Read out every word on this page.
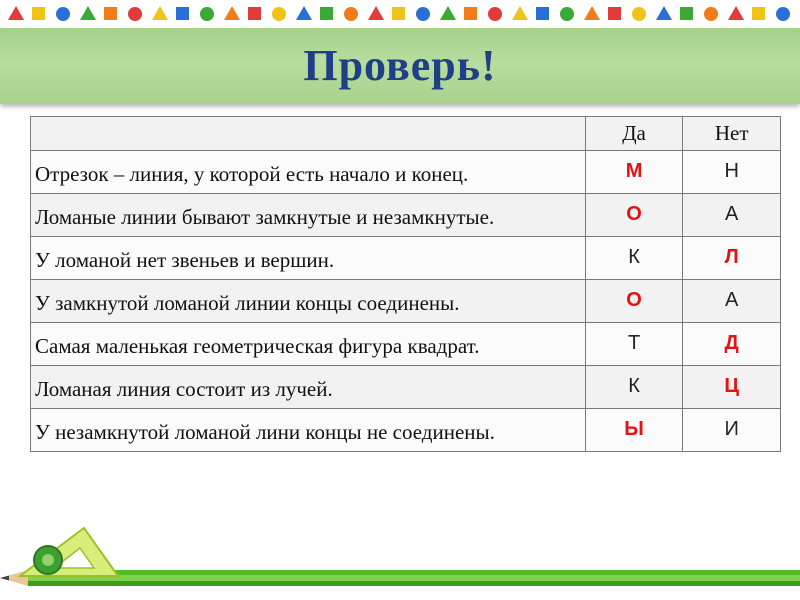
Проверь!
	Да	Нет
Отрезок – линия, у которой есть начало и конец.	М	Н
Ломаные линии бывают замкнутые и незамкнутые.	О	А
У ломаной нет звеньев и вершин.	К	Л
У замкнутой ломаной линии концы соединены.	О	А
Самая маленькая геометрическая фигура квадрат.	Т	Д
Ломаная линия состоит из лучей.	К	Ц
У незамкнутой ломаной лини концы не соединены.	Ы	И
